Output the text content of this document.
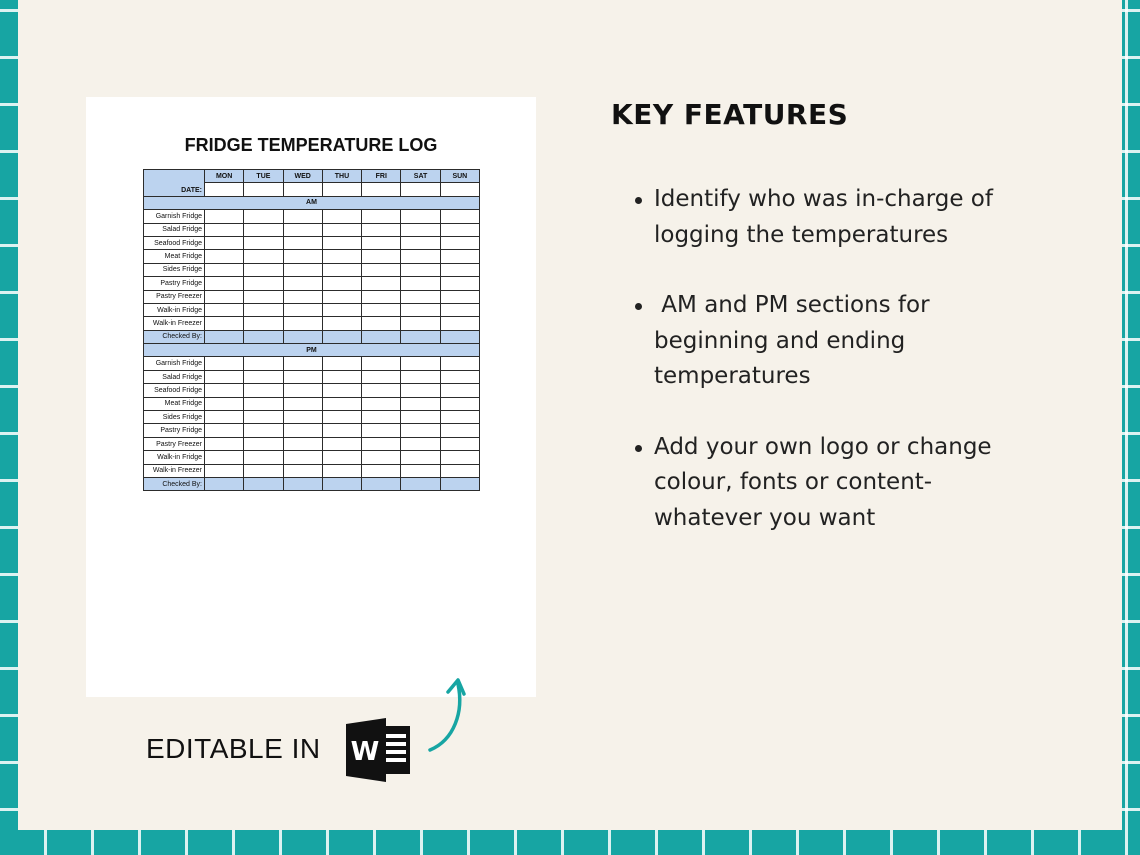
FRIDGE TEMPERATURE LOG
DATE:	MON	TUE	WED	THU	FRI	SAT	SUN

AM							
Garnish Fridge							
Salad Fridge							
Seafood Fridge							
Meat Fridge							
Sides Fridge							
Pastry Fridge							
Pastry Freezer							
Walk-in Fridge							
Walk-in Freezer							
Checked By:							
PM							
Garnish Fridge							
Salad Fridge							
Seafood Fridge							
Meat Fridge							
Sides Fridge							
Pastry Fridge							
Pastry Freezer							
Walk-in Fridge							
Walk-in Freezer							
Checked By:							
EDITABLE IN W
KEY FEATURES
Identify who was in-charge of
logging the temperatures
AM and PM sections for
beginning and ending
temperatures
Add your own logo or change
colour, fonts or content-
whatever you want
